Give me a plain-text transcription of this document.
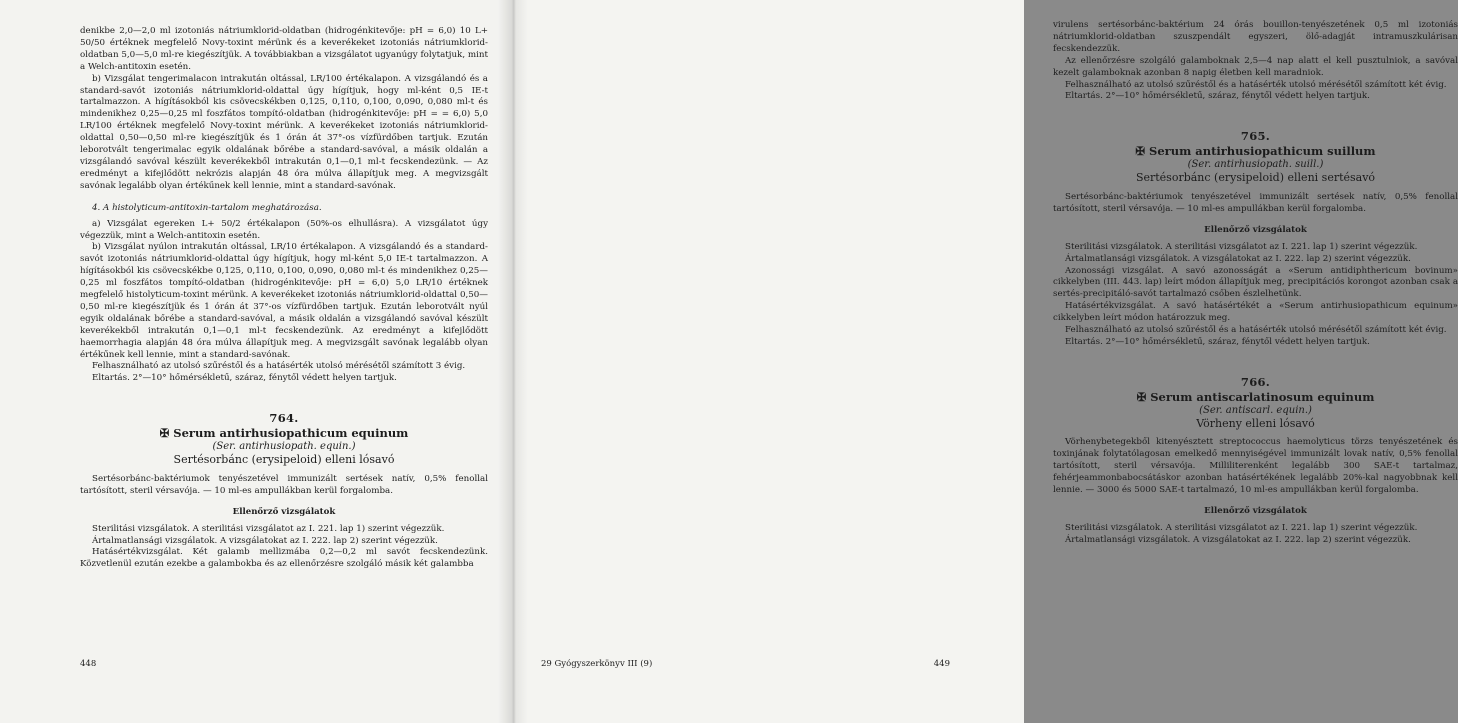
denikbe 2,0—2,0 ml izotoniás nátriumklorid-oldatban (hidrogénkitevője: pH = 6,0) 10 L+ 50/50 értéknek megfelelő Novy-toxint mérünk és a keverékeket izotoniás nátriumklorid-oldatban 5,0—5,0 ml-re kiegészítjük. A továbbiakban a vizsgálatot ugyanúgy folytatjuk, mint a Welch-antitoxin esetén.

b) Vizsgálat tengerimalacon intrakután oltással, LR/100 értékalapon. A vizsgálandó és a standard-savót izotoniás nátriumklorid-oldattal úgy hígítjuk, hogy ml-ként 0,5 IE-t tartalmazzon. A hígításokból kis csövecskékben 0,125, 0,110, 0,100, 0,090, 0,080 ml-t és mindenikhez 0,25—0,25 ml foszfátos tompító-oldatban (hidrogénkitevője: pH = = 6,0) 5,0 LR/100 értéknek megfelelő Novy-toxint mérünk. A keverékeket izotoniás nátriumklorid-oldattal 0,50—0,50 ml-re kiegészítjük és 1 órán át 37°-os vízfürdőben tartjuk. Ezután leborotvált tengerimalac egyik oldalának bőrébe a standard-savóval, a másik oldalán a vizsgálandó savóval készült keverékekből intrakután 0,1—0,1 ml-t fecskendezünk. — Az eredményt a kifejlődött nekrózis alapján 48 óra múlva állapítjuk meg. A megvizsgált savónak legalább olyan értékűnek kell lennie, mint a standard-savónak.

4. A histolyticum-antitoxin-tartalom meghatározása.

a) Vizsgálat egereken L+ 50/2 értékalapon (50%-os elhullásra). A vizsgálatot úgy végezzük, mint a Welch-antitoxin esetén.

b) Vizsgálat nyúlon intrakután oltással, LR/10 értékalapon. A vizsgálandó és a standard-savót izotoniás nátriumklorid-oldattal úgy hígítjuk, hogy ml-ként 5,0 IE-t tartalmazzon. A hígításokból kis csövecskékbe 0,125, 0,110, 0,100, 0,090, 0,080 ml-t és mindenikhez 0,25—0,25 ml foszfátos tompító-oldatban (hidrogénkitevője: pH = 6,0) 5,0 LR/10 értéknek megfelelő histolyticum-toxint mérünk. A keverékeket izotoniás nátriumklorid-oldattal 0,50—0,50 ml-re kiegészítjük és 1 órán át 37°-os vízfürdőben tartjuk. Ezután leborotvált nyúl egyik oldalának bőrébe a standard-savóval, a másik oldalán a vizsgálandó savóval készült keverékekből intrakután 0,1—0,1 ml-t fecskendezünk. Az eredményt a kifejlődött haemorrhagia alapján 48 óra múlva állapítjuk meg. A megvizsgált savónak legalább olyan értékűnek kell lennie, mint a standard-savónak.

Felhasználható az utolsó szűréstől és a hatásérték utolsó mérésétől számított 3 évig.

Eltartás. 2°—10° hőmérsékletű, száraz, fénytől védett helyen tartjuk.

764.
✠ Serum antirhusiopathicum equinum
(Ser. antirhusiopath. equin.)
Sertésorbánc (erysipeloid) elleni lósavó

Sertésorbánc-baktériumok tenyészetével immunizált sertések natív, 0,5% fenollal tartósított, steril vérsavója. — 10 ml-es ampullákban kerül forgalomba.

Ellenőrző vizsgálatok

Sterilitási vizsgálatok. A sterilitási vizsgálatot az I. 221. lap 1) szerint végezzük.

Ártalmatlansági vizsgálatok. A vizsgálatokat az I. 222. lap 2) szerint végezzük.

Hatásértékvizsgálat. Két galamb mellizmába 0,2—0,2 ml savót fecskendezünk. Közvetlenül ezután ezekbe a galambokba és az ellenőrzésre szolgáló másik két galambba

448

virulens sertésorbánc-baktérium 24 órás bouillon-tenyészetének 0,5 ml izotoniás nátriumklorid-oldatban szuszpendált egyszeri, ölő-adagját intramuszkulárisan fecskendezzük.

Az ellenőrzésre szolgáló galamboknak 2,5—4 nap alatt el kell pusztulniok, a savóval kezelt galamboknak azonban 8 napig életben kell maradniok.

Felhasználható az utolsó szűréstől és a hatásérték utolsó mérésétől számított két évig.

Eltartás. 2°—10° hőmérsékletű, száraz, fénytől védett helyen tartjuk.

765.
✠ Serum antirhusiopathicum suillum
(Ser. antirhusiopath. suill.)
Sertésorbánc (erysipeloid) elleni sertésavó

Sertésorbánc-baktériumok tenyészetével immunizált sertések natív, 0,5% fenollal tartósított, steril vérsavója. — 10 ml-es ampullákban kerül forgalomba.

Ellenőrző vizsgálatok

Sterilitási vizsgálatok. A sterilitási vizsgálatot az I. 221. lap 1) szerint végezzük.

Ártalmatlansági vizsgálatok. A vizsgálatokat az I. 222. lap 2) szerint végezzük.

Azonossági vizsgálat. A savó azonosságát a «Serum antidiphthericum bovinum» cikkelyben (III. 443. lap) leírt módon állapítjuk meg, precipitációs korongot azonban csak a sertés-precipitáló-savót tartalmazó csőben észlelhetünk.

Hatásértékvizsgálat. A savó hatásértékét a «Serum antirhusiopathicum equinum» cikkelyben leírt módon határozzuk meg.

Felhasználható az utolsó szűréstől és a hatásérték utolsó mérésétől számított két évig.

Eltartás. 2°—10° hőmérsékletű, száraz, fénytől védett helyen tartjuk.

766.
✠ Serum antiscarlatinosum equinum
(Ser. antiscarl. equin.)
Vörheny elleni lósavó

Vörhenybetegekből kitenyésztett streptococcus haemolyticus törzs tenyészetének és toxinjának folytatólagosan emelkedő mennyiségével immunizált lovak natív, 0,5% fenollal tartósított, steril vérsavója. Milliliterenként legalább 300 SAE-t tartalmaz, fehérjeammonbabocsátáskor azonban hatásértékének legalább 20%-kal nagyobbnak kell lennie. — 3000 és 5000 SAE-t tartalmazó, 10 ml-es ampullákban kerül forgalomba.

Ellenőrző vizsgálatok

Sterilitási vizsgálatok. A sterilitási vizsgálatot az I. 221. lap 1) szerint végezzük.

Ártalmatlansági vizsgálatok. A vizsgálatokat az I. 222. lap 2) szerint végezzük.

29 Gyógyszerkönyv III (9)	449
